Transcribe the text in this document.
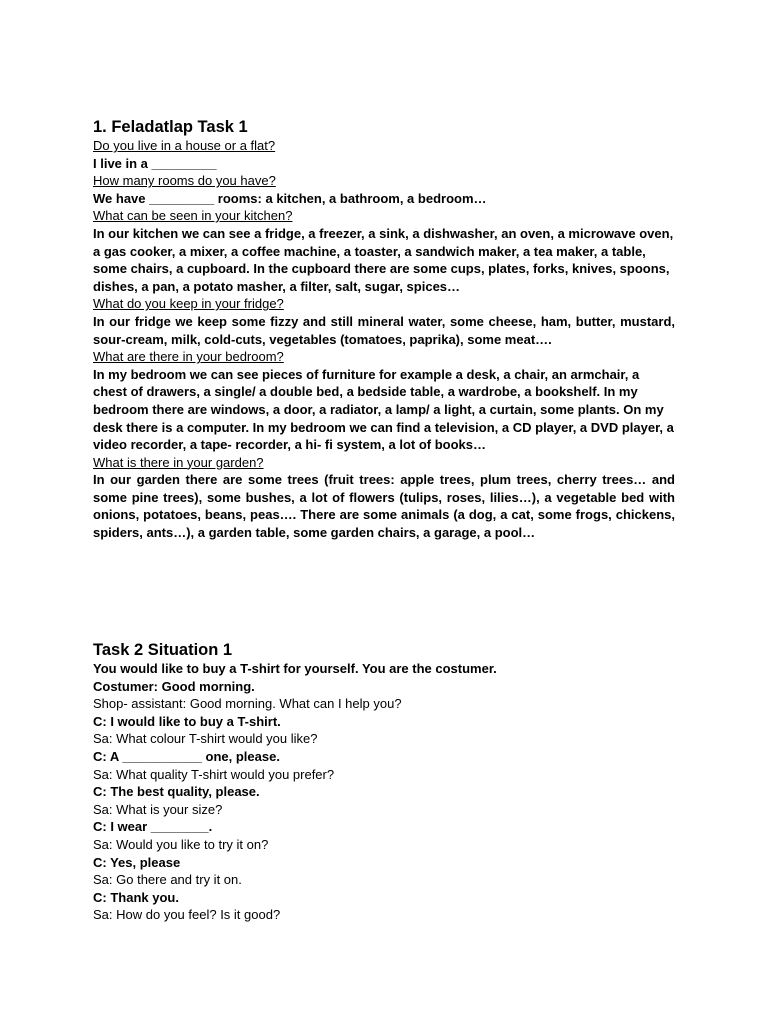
1. Feladatlap Task 1

Do you live in a house or a flat?

I live in a _________

How many rooms do you have?

We have _________ rooms: a kitchen, a bathroom, a bedroom…

What can be seen in your kitchen?

In our kitchen we can see a fridge, a freezer, a sink, a dishwasher, an oven, a microwave oven, a gas cooker, a mixer, a coffee machine, a toaster, a sandwich maker, a tea maker, a table, some chairs, a cupboard. In the cupboard there are some cups, plates, forks, knives, spoons, dishes, a pan, a potato masher, a filter, salt, sugar, spices…

What do you keep in your fridge?

In our fridge we keep some fizzy and still mineral water, some cheese, ham, butter, mustard, sour-cream, milk, cold-cuts, vegetables (tomatoes, paprika), some meat….

What are there in your bedroom?

In my bedroom we can see pieces of furniture for example a desk, a chair, an armchair, a chest of drawers, a single/ a double bed, a bedside table, a wardrobe, a bookshelf. In my bedroom there are windows, a door, a radiator, a lamp/ a light, a curtain, some plants. On my desk there is a computer. In my bedroom we can find a television, a CD player, a DVD player, a video recorder, a tape- recorder, a hi- fi system, a lot of books…

What is there in your garden?

In our garden there are some trees (fruit trees: apple trees, plum trees, cherry trees… and some pine trees), some bushes, a lot of flowers (tulips, roses, lilies…), a vegetable bed with onions, potatoes, beans, peas…. There are some animals (a dog, a cat, some frogs, chickens, spiders, ants…), a garden table, some garden chairs, a garage, a pool…

Task 2 Situation 1

You would like to buy a T-shirt for yourself. You are the costumer.

Costumer: Good morning.

Shop- assistant: Good morning. What can I help you?

C: I would like to buy a T-shirt.

Sa: What colour T-shirt would you like?

C: A ___________ one, please.

Sa: What quality T-shirt would you prefer?

C: The best quality, please.

Sa: What is your size?

C: I wear ________.

Sa: Would you like to try it on?

C: Yes, please

Sa: Go there and try it on.

C: Thank you.

Sa: How do you feel? Is it good?
